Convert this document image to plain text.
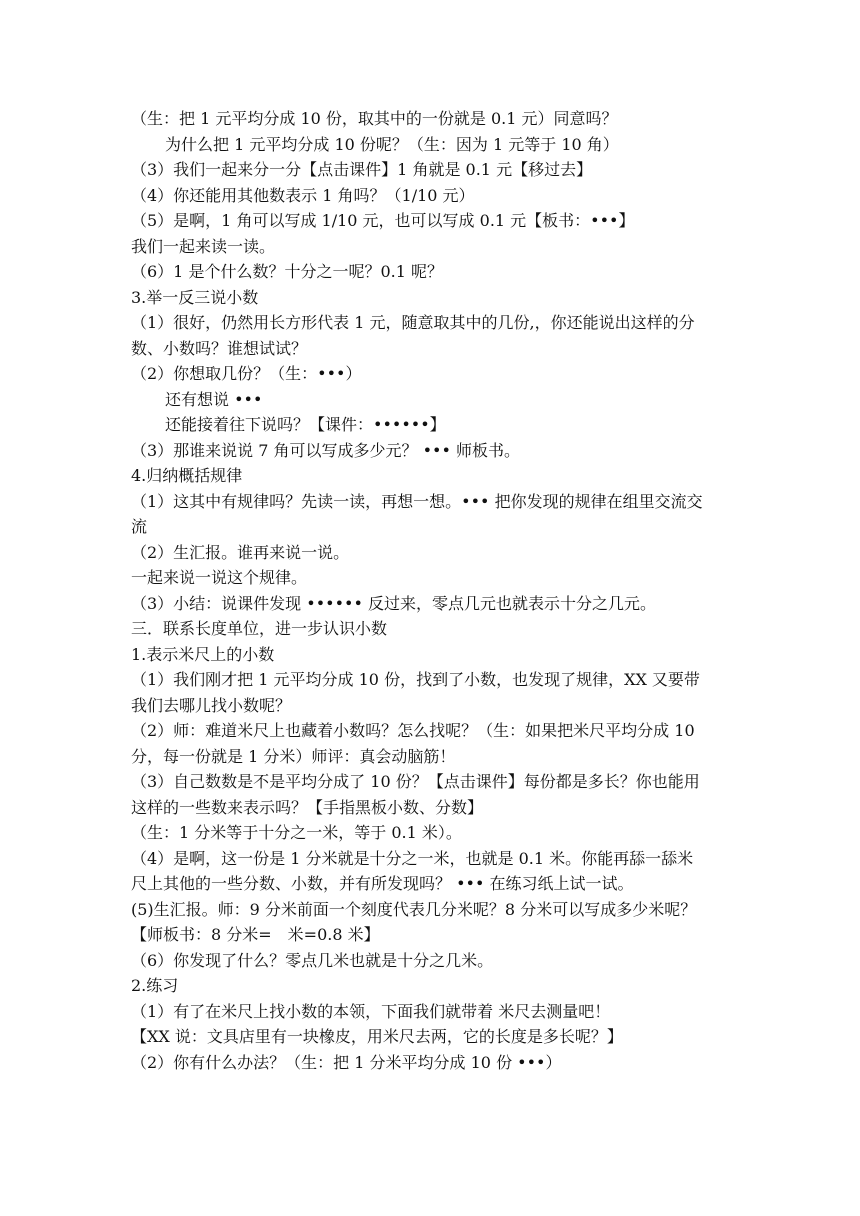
（生：把 1 元平均分成 10 份，取其中的一份就是 0.1 元）同意吗？
为什么把 1 元平均分成 10 份呢？（生：因为 1 元等于 10 角）
（3）我们一起来分一分【点击课件】1 角就是 0.1 元【移过去】
（4）你还能用其他数表示 1 角吗？（1/10 元）
（5）是啊，1 角可以写成 1/10 元，也可以写成 0.1 元【板书：•••】
我们一起来读一读。
（6）1 是个什么数？十分之一呢？0.1 呢？
3.举一反三说小数
（1）很好，仍然用长方形代表 1 元，随意取其中的几份,，你还能说出这样的分
数、小数吗？谁想试试？
（2）你想取几份？（生：•••）
还有想说 •••
还能接着往下说吗？【课件：••••••】
（3）那谁来说说 7 角可以写成多少元？ ••• 师板书。
4.归纳概括规律
（1）这其中有规律吗？先读一读，再想一想。••• 把你发现的规律在组里交流交
流
（2）生汇报。谁再来说一说。
一起来说一说这个规律。
（3）小结：说课件发现 •••••• 反过来，零点几元也就表示十分之几元。
三．联系长度单位，进一步认识小数
1.表示米尺上的小数
（1）我们刚才把 1 元平均分成 10 份，找到了小数，也发现了规律，XX 又要带
我们去哪儿找小数呢？
（2）师：难道米尺上也藏着小数吗？怎么找呢？（生：如果把米尺平均分成 10
分，每一份就是 1 分米）师评：真会动脑筋！
（3）自己数数是不是平均分成了 10 份？【点击课件】每份都是多长？你也能用
这样的一些数来表示吗？【手指黑板小数、分数】
（生：1 分米等于十分之一米，等于 0.1 米）。
（4）是啊，这一份是 1 分米就是十分之一米，也就是 0.1 米。你能再舔一舔米
尺上其他的一些分数、小数，并有所发现吗？ ••• 在练习纸上试一试。
(5)生汇报。师：9 分米前面一个刻度代表几分米呢？8 分米可以写成多少米呢？
【师板书：8 分米=　米=0.8 米】
（6）你发现了什么？零点几米也就是十分之几米。
2.练习
（1）有了在米尺上找小数的本领，下面我们就带着 米尺去测量吧！
【XX 说：文具店里有一块橡皮，用米尺去两，它的长度是多长呢？】
（2）你有什么办法？（生：把 1 分米平均分成 10 份 •••）
